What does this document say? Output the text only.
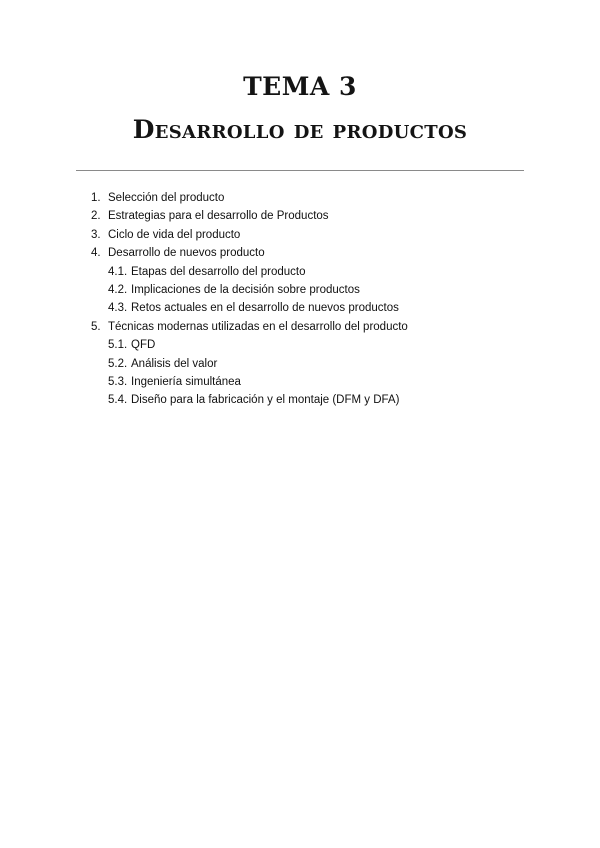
TEMA 3
Desarrollo de productos
1. Selección del producto
2. Estrategias para el desarrollo de Productos
3. Ciclo de vida del producto
4. Desarrollo de nuevos producto
4.1. Etapas del desarrollo del producto
4.2. Implicaciones de la decisión sobre productos
4.3. Retos actuales en el desarrollo de nuevos productos
5. Técnicas modernas utilizadas en el desarrollo del producto
5.1. QFD
5.2. Análisis del valor
5.3. Ingeniería simultánea
5.4. Diseño para la fabricación y el montaje (DFM y DFA)
